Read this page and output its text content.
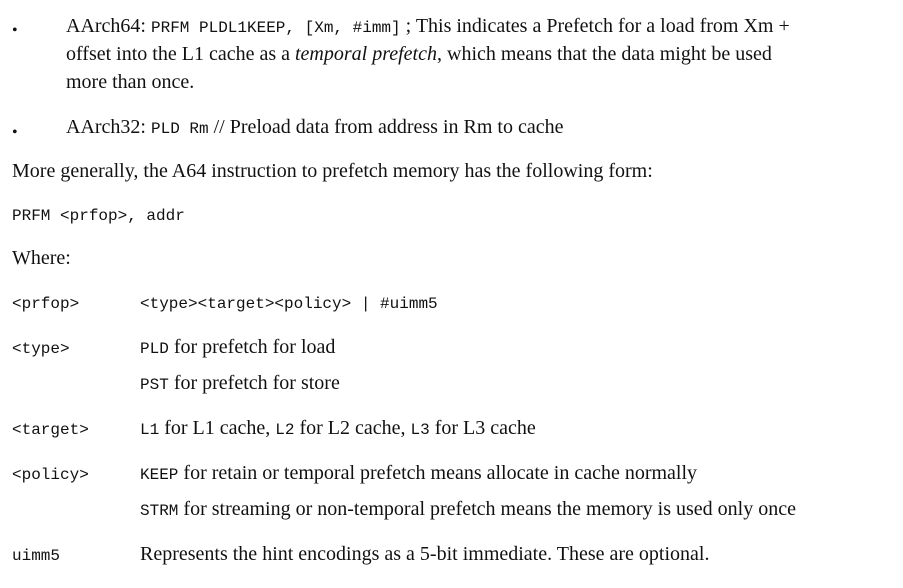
• AArch64: PRFM PLDL1KEEP, [Xm, #imm] ; This indicates a Prefetch for a load from Xm +
offset into the L1 cache as a temporal prefetch, which means that the data might be used
more than once.
• AArch32: PLD Rm // Preload data from address in Rm to cache
More generally, the A64 instruction to prefetch memory has the following form:
PRFM <prfop>, addr
Where:
<prfop>	<type><target><policy> | #uimm5
<type>	PLD for prefetch for load
PST for prefetch for store
<target>	L1 for L1 cache, L2 for L2 cache, L3 for L3 cache
<policy>	KEEP for retain or temporal prefetch means allocate in cache normally
STRM for streaming or non-temporal prefetch means the memory is used only once
uimm5	Represents the hint encodings as a 5-bit immediate. These are optional.
